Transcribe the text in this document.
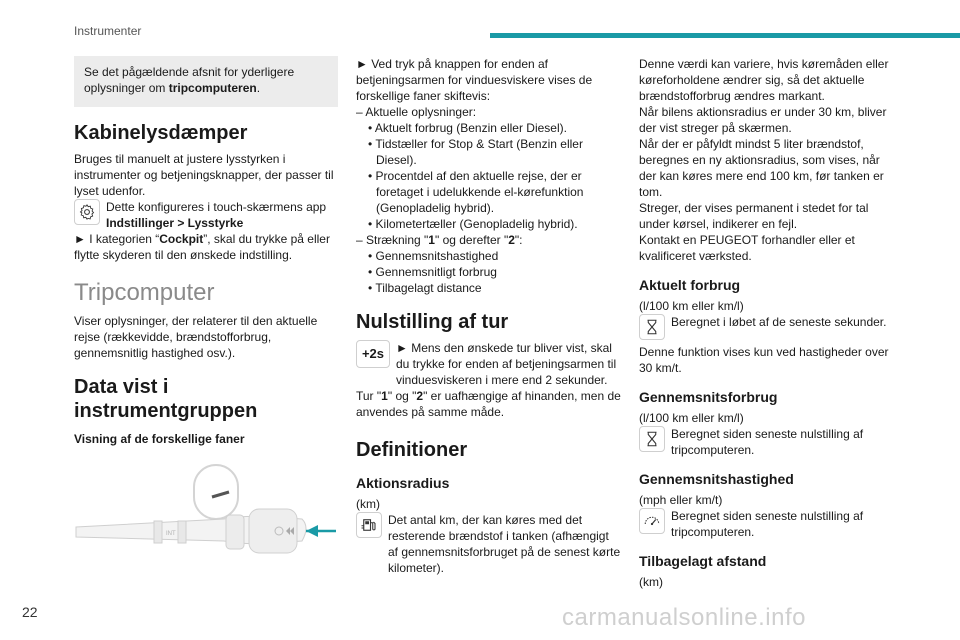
Instrumenter
Se det pågældende afsnit for yderligere oplysninger om tripcomputeren.
Kabinelysdæmper

Bruges til manuelt at justere lysstyrken i instrumenter og betjeningsknapper, der passer til lyset udenfor.

Dette konfigureres i touch-skærmens app
Indstillinger > Lysstyrke

► I kategorien “Cockpit”, skal du trykke på eller flytte skyderen til den ønskede indstilling.

Tripcomputer

Viser oplysninger, der relaterer til den aktuelle rejse (rækkevidde, brændstofforbrug, gennemsnitlig hastighed osv.).

Data vist i instrumentgruppen

Visning af de forskellige faner

INT

► Ved tryk på knappen for enden af betjeningsarmen for vinduesviskere vises de forskellige faner skiftevis:

– Aktuelle oplysninger:

• Aktuelt forbrug (Benzin eller Diesel).

• Tidstæller for Stop & Start (Benzin eller Diesel).

• Procentdel af den aktuelle rejse, der er foretaget i udelukkende el-kørefunktion (Genopladelig hybrid).

• Kilometertæller (Genopladelig hybrid).

– Strækning "1" og derefter "2":

• Gennemsnitshastighed

• Gennemsnitligt forbrug

• Tilbagelagt distance

Nulstilling af tur
+2s ► Mens den ønskede tur bliver vist, skal du trykke for enden af betjeningsarmen til vinduesviskeren i mere end 2 sekunder.

Tur "1" og "2" er uafhængige af hinanden, men de anvendes på samme måde.

Definitioner
Aktionsradius

(km)

Det antal km, der kan køres med det resterende brændstof i tanken (afhængigt af gennemsnitsforbruget på de senest kørte kilometer).

Denne værdi kan variere, hvis køremåden eller køreforholdene ændrer sig, så det aktuelle brændstofforbrug ændres markant.

Når bilens aktionsradius er under 30 km, bliver der vist streger på skærmen.

Når der er påfyldt mindst 5 liter brændstof, beregnes en ny aktionsradius, som vises, når der kan køres mere end 100 km, før tanken er tom.

Streger, der vises permanent i stedet for tal under kørsel, indikerer en fejl.

Kontakt en PEUGEOT forhandler eller et kvalificeret værksted.

Aktuelt forbrug

(l/100 km eller km/l)

Beregnet i løbet af de seneste sekunder.

Denne funktion vises kun ved hastigheder over 30 km/t.

Gennemsnitsforbrug

(l/100 km eller km/l)

Beregnet siden seneste nulstilling af tripcomputeren.

Gennemsnitshastighed

(mph eller km/t)

Beregnet siden seneste nulstilling af tripcomputeren.

Tilbagelagt afstand

(km)

22	carmanualsonline.info
